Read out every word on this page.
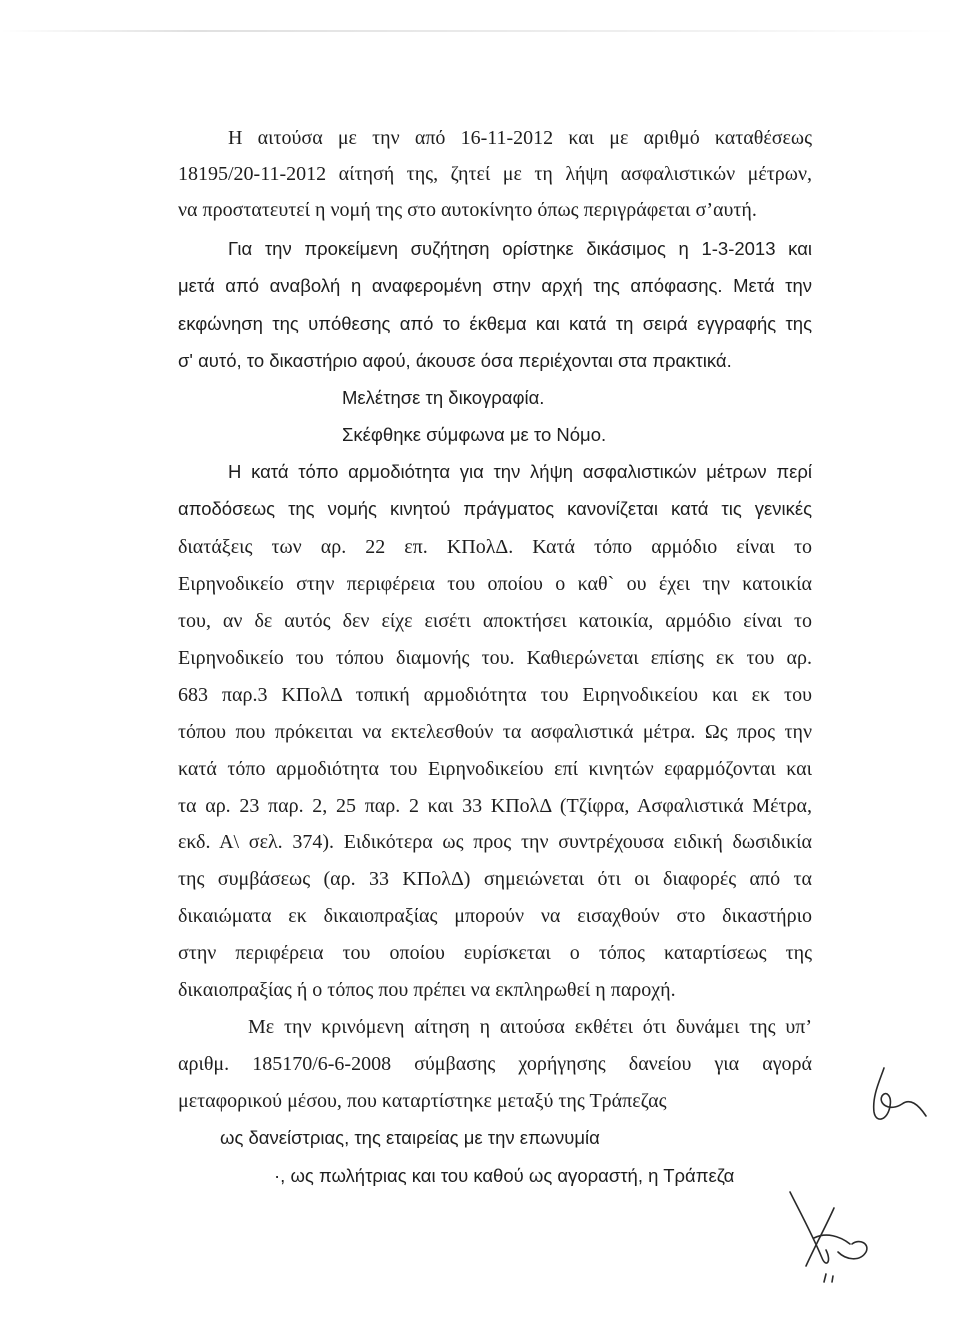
Η αιτούσα με την από 16-11-2012 και με αριθμό καταθέσεως
18195/20-11-2012 αίτησή της, ζητεί με τη λήψη ασφαλιστικών μέτρων,
να προστατευτεί η νομή της στο αυτοκίνητο όπως περιγράφεται σ’αυτή.
Για την προκείμενη συζήτηση ορίστηκε δικάσιμος η 1-3-2013 και
μετά από αναβολή η αναφερομένη στην αρχή της απόφασης. Μετά την
εκφώνηση της υπόθεσης από το έκθεμα και κατά τη σειρά εγγραφής της
σ' αυτό, το δικαστήριο αφού, άκουσε όσα περιέχονται στα πρακτικά.
Μελέτησε τη δικογραφία.
Σκέφθηκε σύμφωνα με το Νόμο.
Η κατά τόπο αρμοδιότητα για την λήψη ασφαλιστικών μέτρων περί
αποδόσεως της νομής κινητού πράγματος κανονίζεται κατά τις γενικές
διατάξεις των αρ. 22 επ. ΚΠολΔ. Κατά τόπο αρμόδιο είναι το
Ειρηνοδικείο στην περιφέρεια του οποίου ο καθ` ου έχει την κατοικία
του, αν δε αυτός δεν είχε εισέτι αποκτήσει κατοικία, αρμόδιο είναι το
Ειρηνοδικείο του τόπου διαμονής του. Καθιερώνεται επίσης εκ του αρ.
683 παρ.3 ΚΠολΔ τοπική αρμοδιότητα του Ειρηνοδικείου και εκ του
τόπου που πρόκειται να εκτελεσθούν τα ασφαλιστικά μέτρα. Ως προς την
κατά τόπο αρμοδιότητα του Ειρηνοδικείου επί κινητών εφαρμόζονται και
τα αρ. 23 παρ. 2, 25 παρ. 2 και 33 ΚΠολΔ (Τζίφρα, Ασφαλιστικά Μέτρα,
εκδ. Α\ σελ. 374). Ειδικότερα ως προς την συντρέχουσα ειδική δωσιδικία
της συμβάσεως (αρ. 33 ΚΠολΔ) σημειώνεται ότι οι διαφορές από τα
δικαιώματα εκ δικαιοπραξίας μπορούν να εισαχθούν στο δικαστήριο
στην περιφέρεια του οποίου ευρίσκεται ο τόπος καταρτίσεως της
δικαιοπραξίας ή ο τόπος που πρέπει να εκπληρωθεί η παροχή.
Με την κρινόμενη αίτηση η αιτούσα εκθέτει ότι δυνάμει της υπ’
αριθμ. 185170/6-6-2008 σύμβασης χορήγησης δανείου για αγορά
μεταφορικού μέσου, που καταρτίστηκε μεταξύ της Τράπεζας
ως δανείστριας, της εταιρείας με την επωνυμία
·, ως πωλήτριας και του καθού ως αγοραστή, η Τράπεζα
